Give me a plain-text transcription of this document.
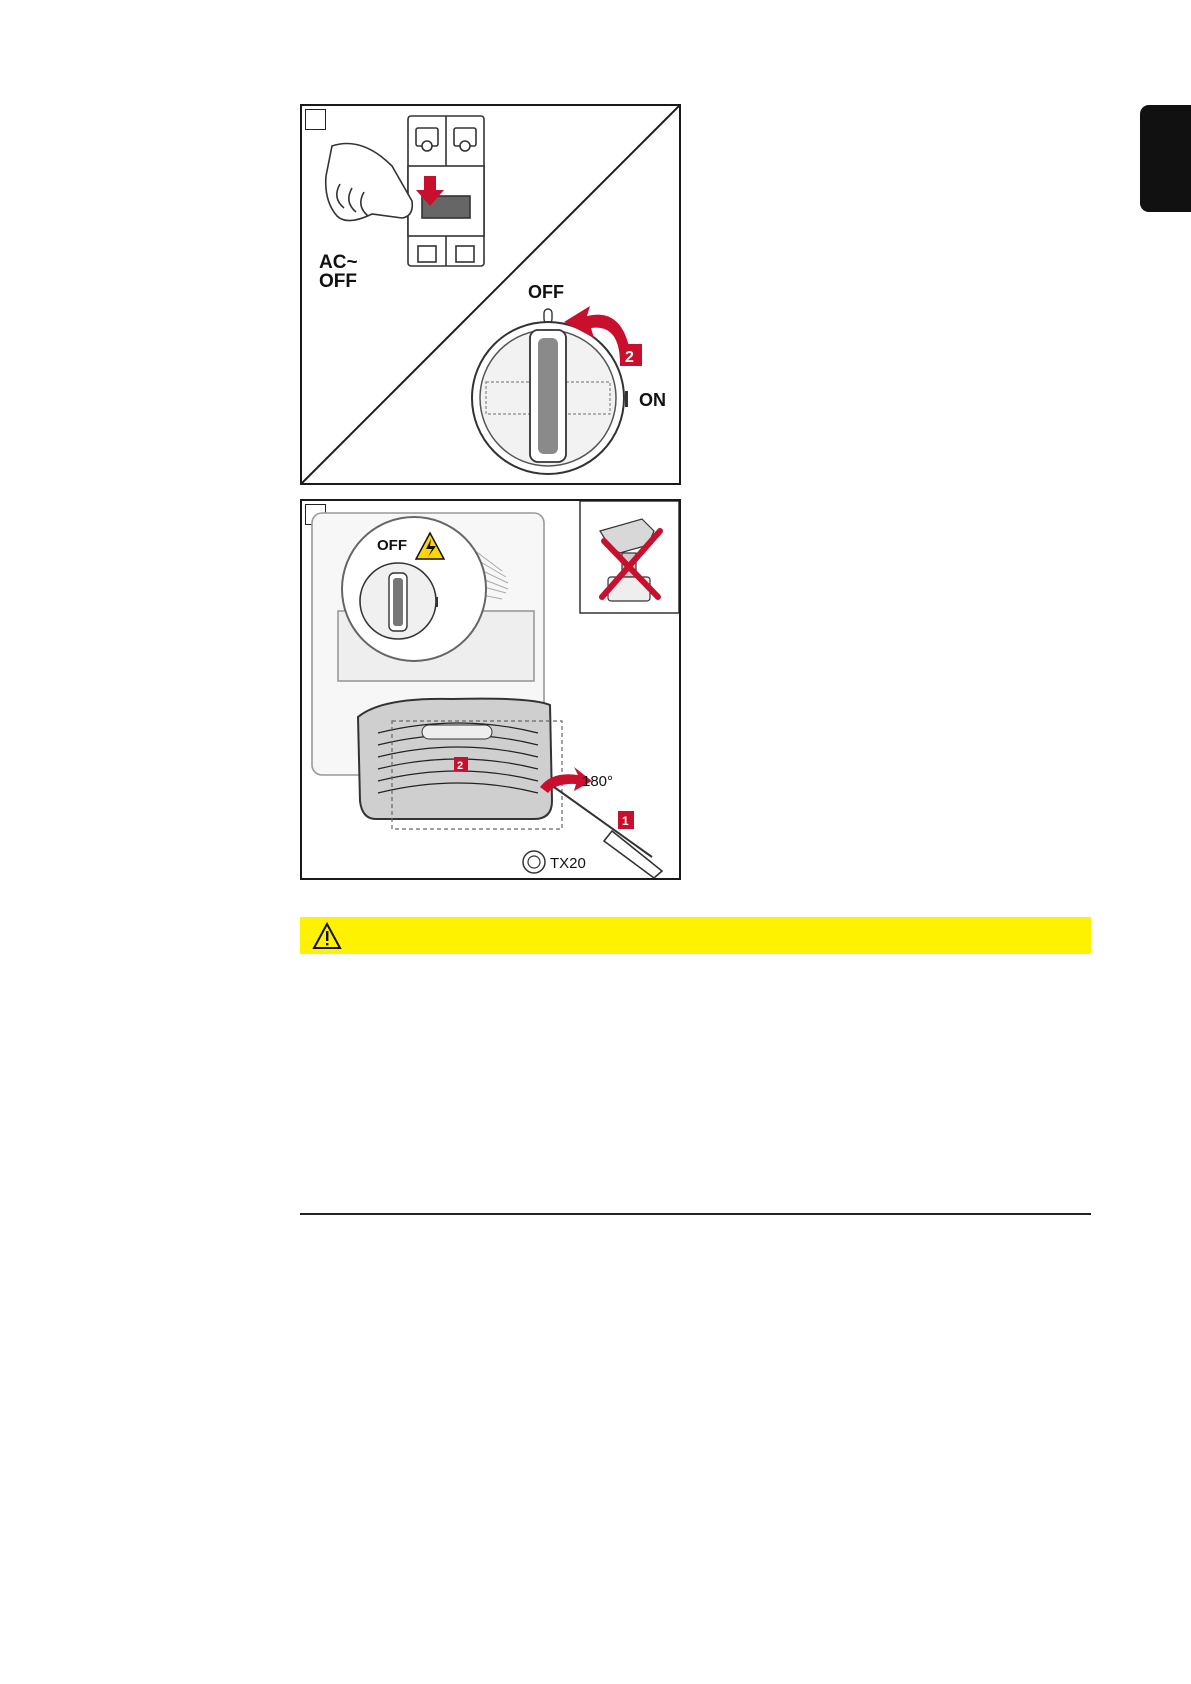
1
AC~
OFF	OFF
ON
2
OFF
2
180°
1
TX20
